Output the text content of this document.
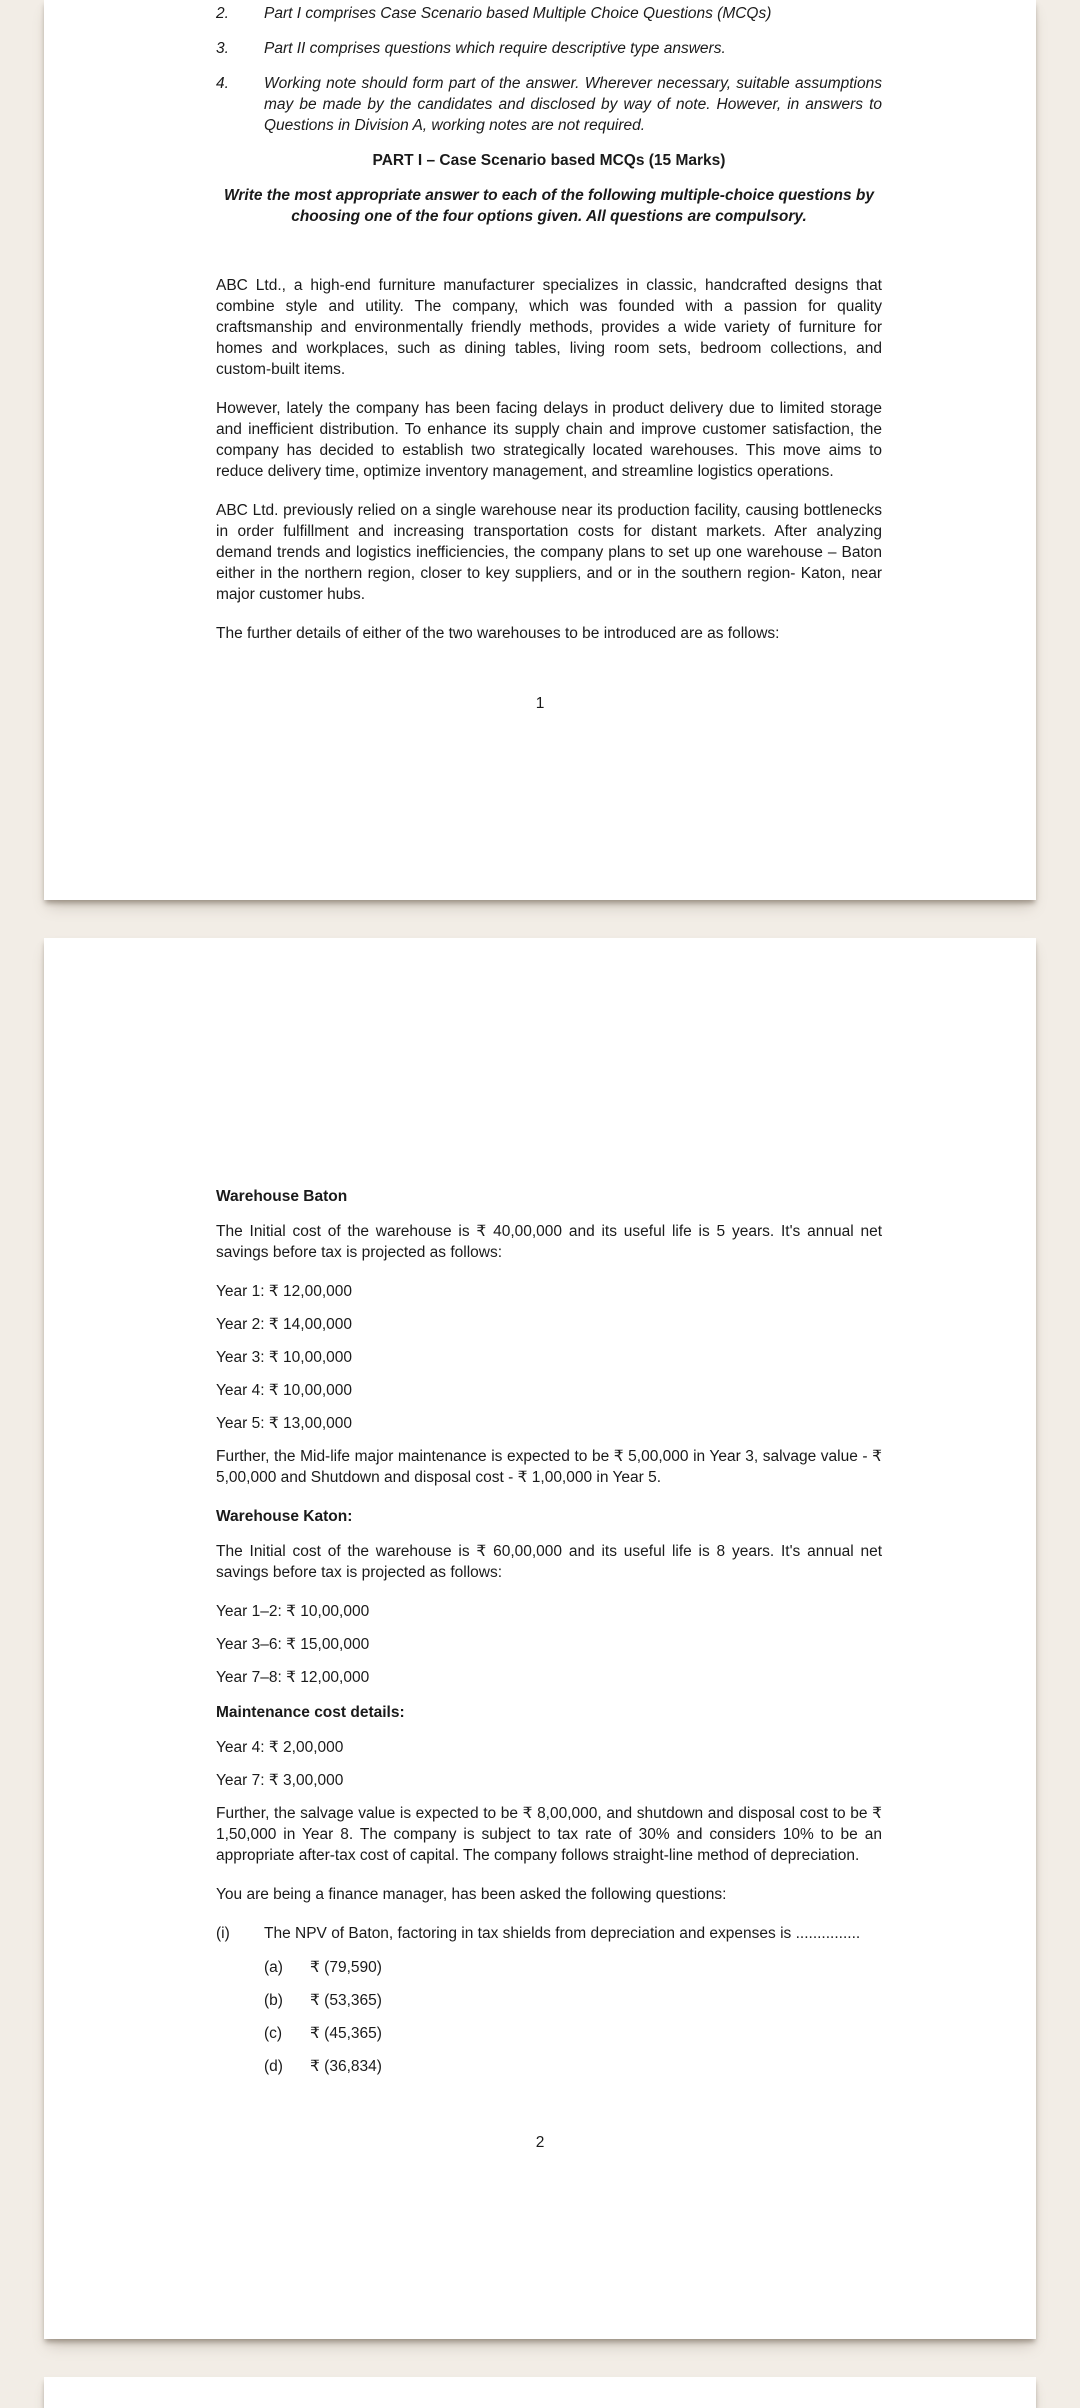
2.	Part I comprises Case Scenario based Multiple Choice Questions (MCQs)
3.	Part II comprises questions which require descriptive type answers.
4.	Working note should form part of the answer. Wherever necessary, suitable assumptions may be made by the candidates and disclosed by way of note. However, in answers to Questions in Division A, working notes are not required.
PART I – Case Scenario based MCQs (15 Marks)
Write the most appropriate answer to each of the following multiple-choice questions by choosing one of the four options given. All questions are compulsory.

ABC Ltd., a high-end furniture manufacturer specializes in classic, handcrafted designs that combine style and utility. The company, which was founded with a passion for quality craftsmanship and environmentally friendly methods, provides a wide variety of furniture for homes and workplaces, such as dining tables, living room sets, bedroom collections, and custom-built items.

However, lately the company has been facing delays in product delivery due to limited storage and inefficient distribution. To enhance its supply chain and improve customer satisfaction, the company has decided to establish two strategically located warehouses. This move aims to reduce delivery time, optimize inventory management, and streamline logistics operations.

ABC Ltd. previously relied on a single warehouse near its production facility, causing bottlenecks in order fulfillment and increasing transportation costs for distant markets. After analyzing demand trends and logistics inefficiencies, the company plans to set up one warehouse – Baton either in the northern region, closer to key suppliers, and or in the southern region- Katon, near major customer hubs.

The further details of either of the two warehouses to be introduced are as follows:

1
Warehouse Baton

The Initial cost of the warehouse is ₹ 40,00,000 and its useful life is 5 years. It's annual net savings before tax is projected as follows:

Year 1: ₹ 12,00,000

Year 2: ₹ 14,00,000

Year 3: ₹ 10,00,000

Year 4: ₹ 10,00,000

Year 5: ₹ 13,00,000

Further, the Mid-life major maintenance is expected to be ₹ 5,00,000 in Year 3, salvage value - ₹ 5,00,000 and Shutdown and disposal cost - ₹ 1,00,000 in Year 5.

Warehouse Katon:

The Initial cost of the warehouse is ₹ 60,00,000 and its useful life is 8 years. It's annual net savings before tax is projected as follows:

Year 1–2: ₹ 10,00,000

Year 3–6: ₹ 15,00,000

Year 7–8: ₹ 12,00,000

Maintenance cost details:

Year 4: ₹ 2,00,000

Year 7: ₹ 3,00,000

Further, the salvage value is expected to be ₹ 8,00,000, and shutdown and disposal cost to be ₹ 1,50,000 in Year 8. The company is subject to tax rate of 30% and considers 10% to be an appropriate after-tax cost of capital. The company follows straight-line method of depreciation.

You are being a finance manager, has been asked the following questions:

(i)	The NPV of Baton, factoring in tax shields from depreciation and expenses is ...............
(a)	₹ (79,590)
(b)	₹ (53,365)
(c)	₹ (45,365)
(d)	₹ (36,834)
2
